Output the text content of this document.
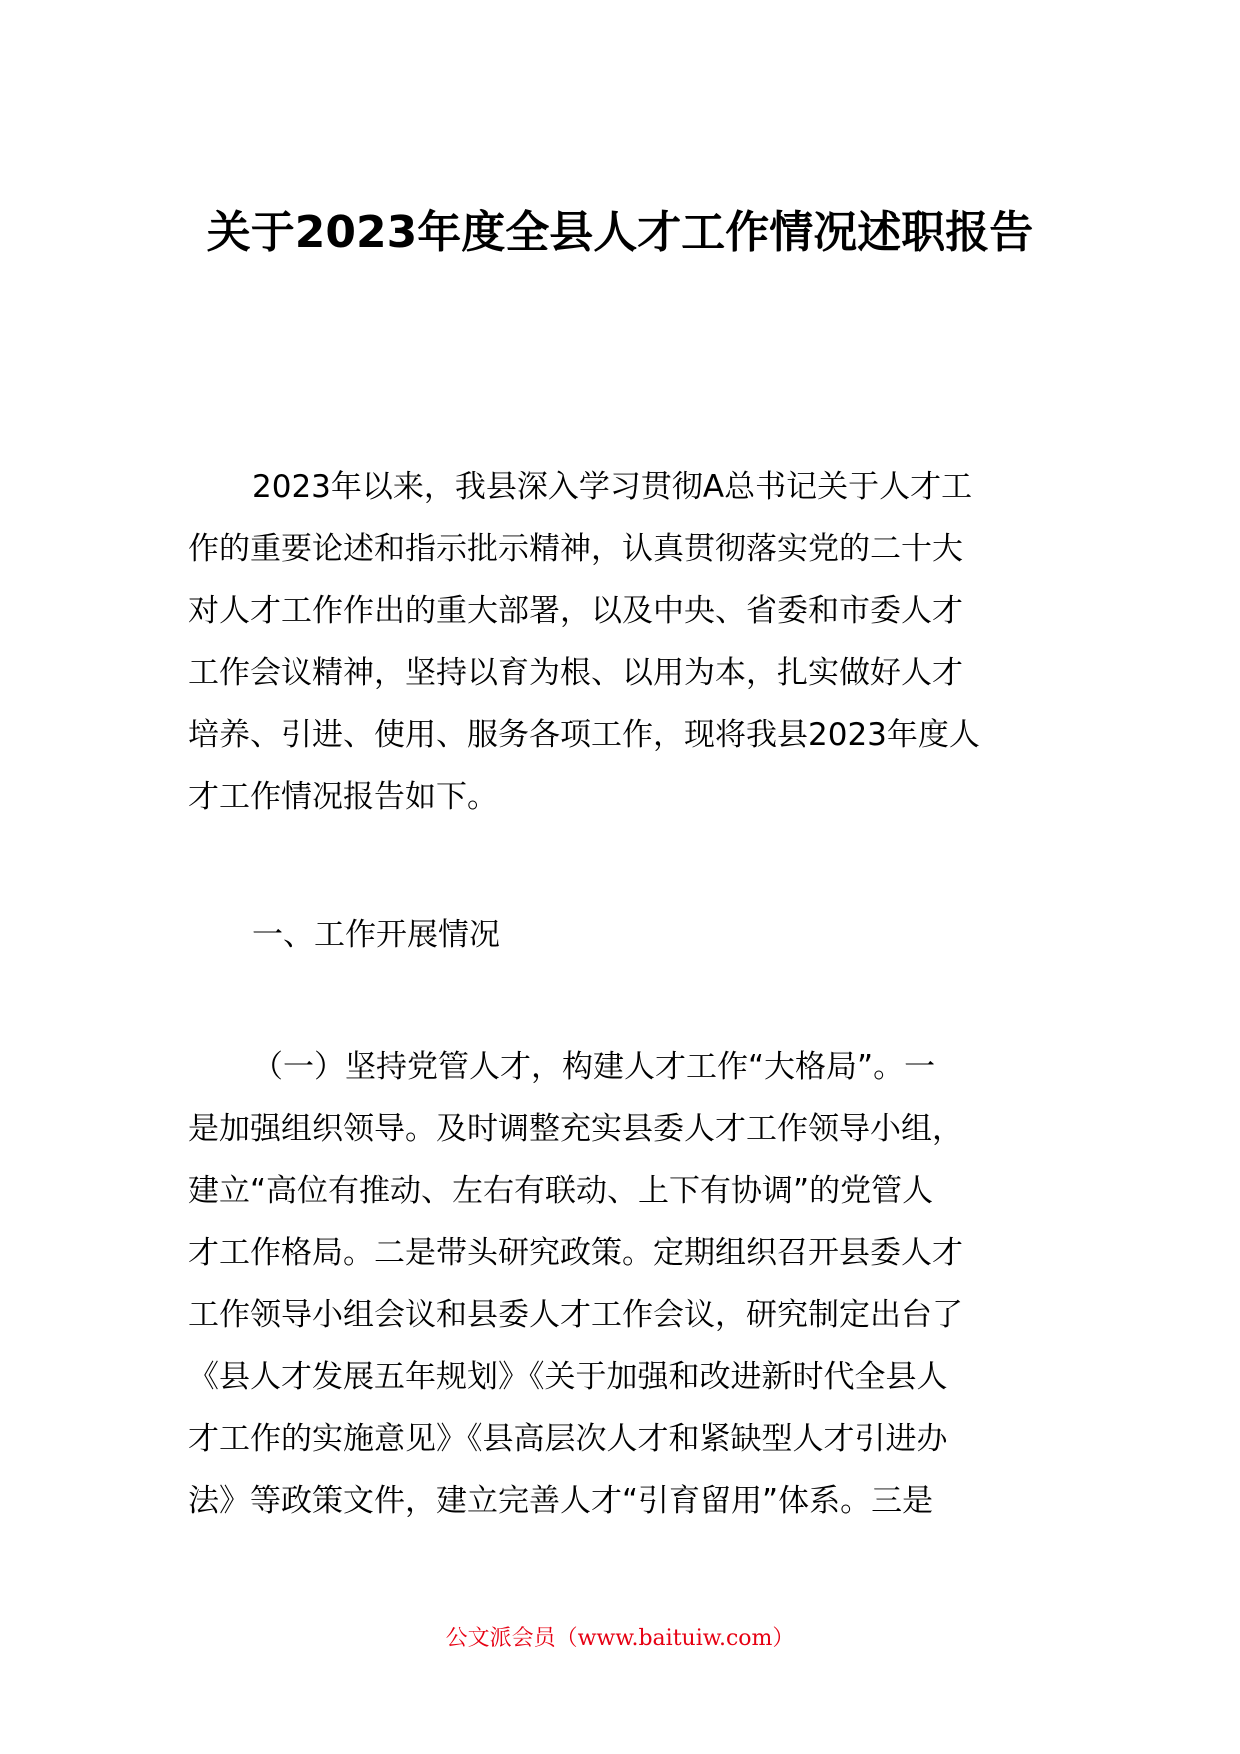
关于2023年度全县人才工作情况述职报告
2023年以来，我县深入学习贯彻A总书记关于人才工
作的重要论述和指示批示精神，认真贯彻落实党的二十大
对人才工作作出的重大部署，以及中央、省委和市委人才
工作会议精神，坚持以育为根、以用为本，扎实做好人才
培养、引进、使用、服务各项工作，现将我县2023年度人
才工作情况报告如下。
一、工作开展情况
（一）坚持党管人才，构建人才工作“大格局”。一
是加强组织领导。及时调整充实县委人才工作领导小组，
建立“高位有推动、左右有联动、上下有协调”的党管人
才工作格局。二是带头研究政策。定期组织召开县委人才
工作领导小组会议和县委人才工作会议，研究制定出台了
《县人才发展五年规划》《关于加强和改进新时代全县人
才工作的实施意见》《县高层次人才和紧缺型人才引进办
法》等政策文件，建立完善人才“引育留用”体系。三是
公文派会员（www.baituiw.com）
